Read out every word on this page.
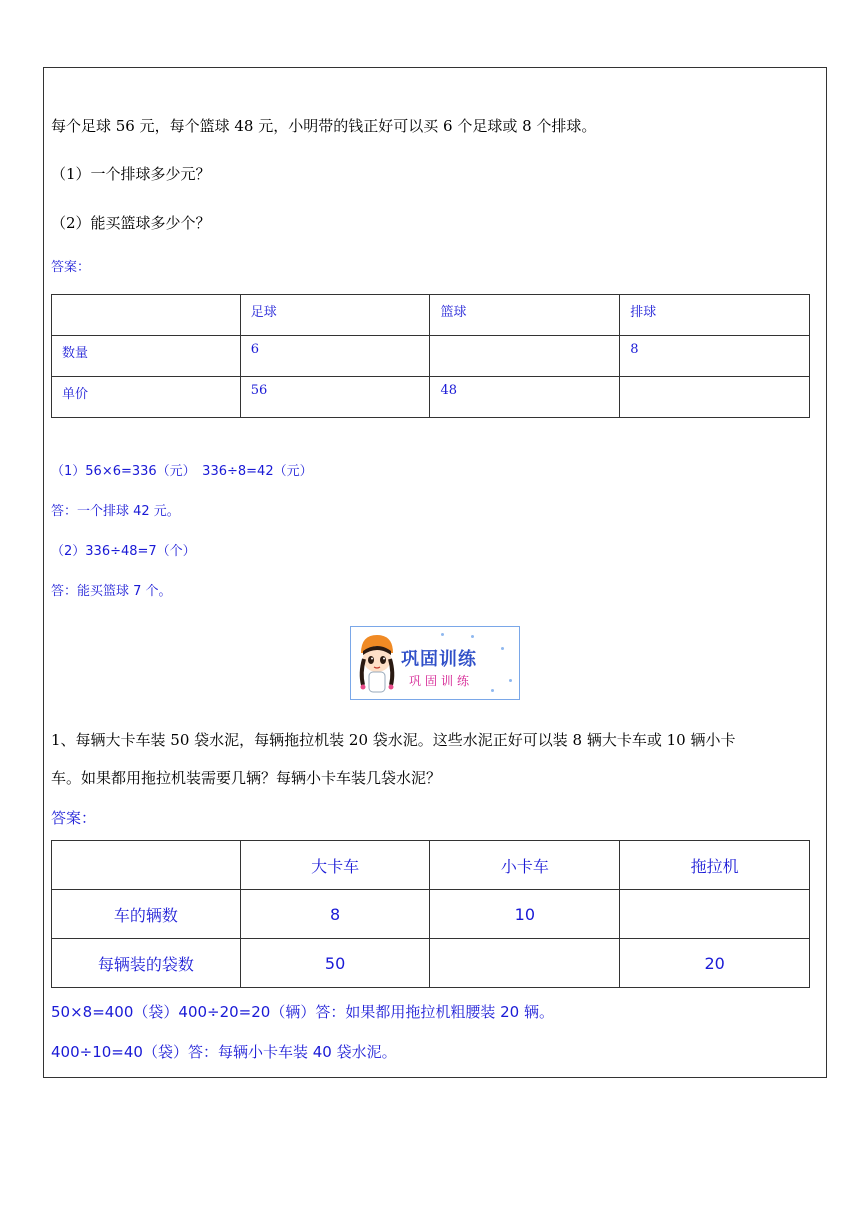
每个足球 56 元，每个篮球 48 元，小明带的钱正好可以买 6 个足球或 8 个排球。
（1）一个排球多少元？
（2）能买篮球多少个？
答案：
	足球	篮球	排球
数量	6		8
单价	56	48	
（1）56×6=336（元）　336÷8=42（元）
答：一个排球 42 元。
（2）336÷48=7（个）
答：能买篮球 7 个。
巩固训练
巩固训练
1、每辆大卡车装 50 袋水泥，每辆拖拉机装 20 袋水泥。这些水泥正好可以装 8 辆大卡车或 10 辆小卡
车。如果都用拖拉机装需要几辆？每辆小卡车装几袋水泥？
答案：
	大卡车	小卡车	拖拉机
车的辆数	8	10	
每辆装的袋数	50		20
50×8=400（袋）400÷20=20（辆）答：如果都用拖拉机粗腰装 20 辆。
400÷10=40（袋）答：每辆小卡车装 40 袋水泥。
